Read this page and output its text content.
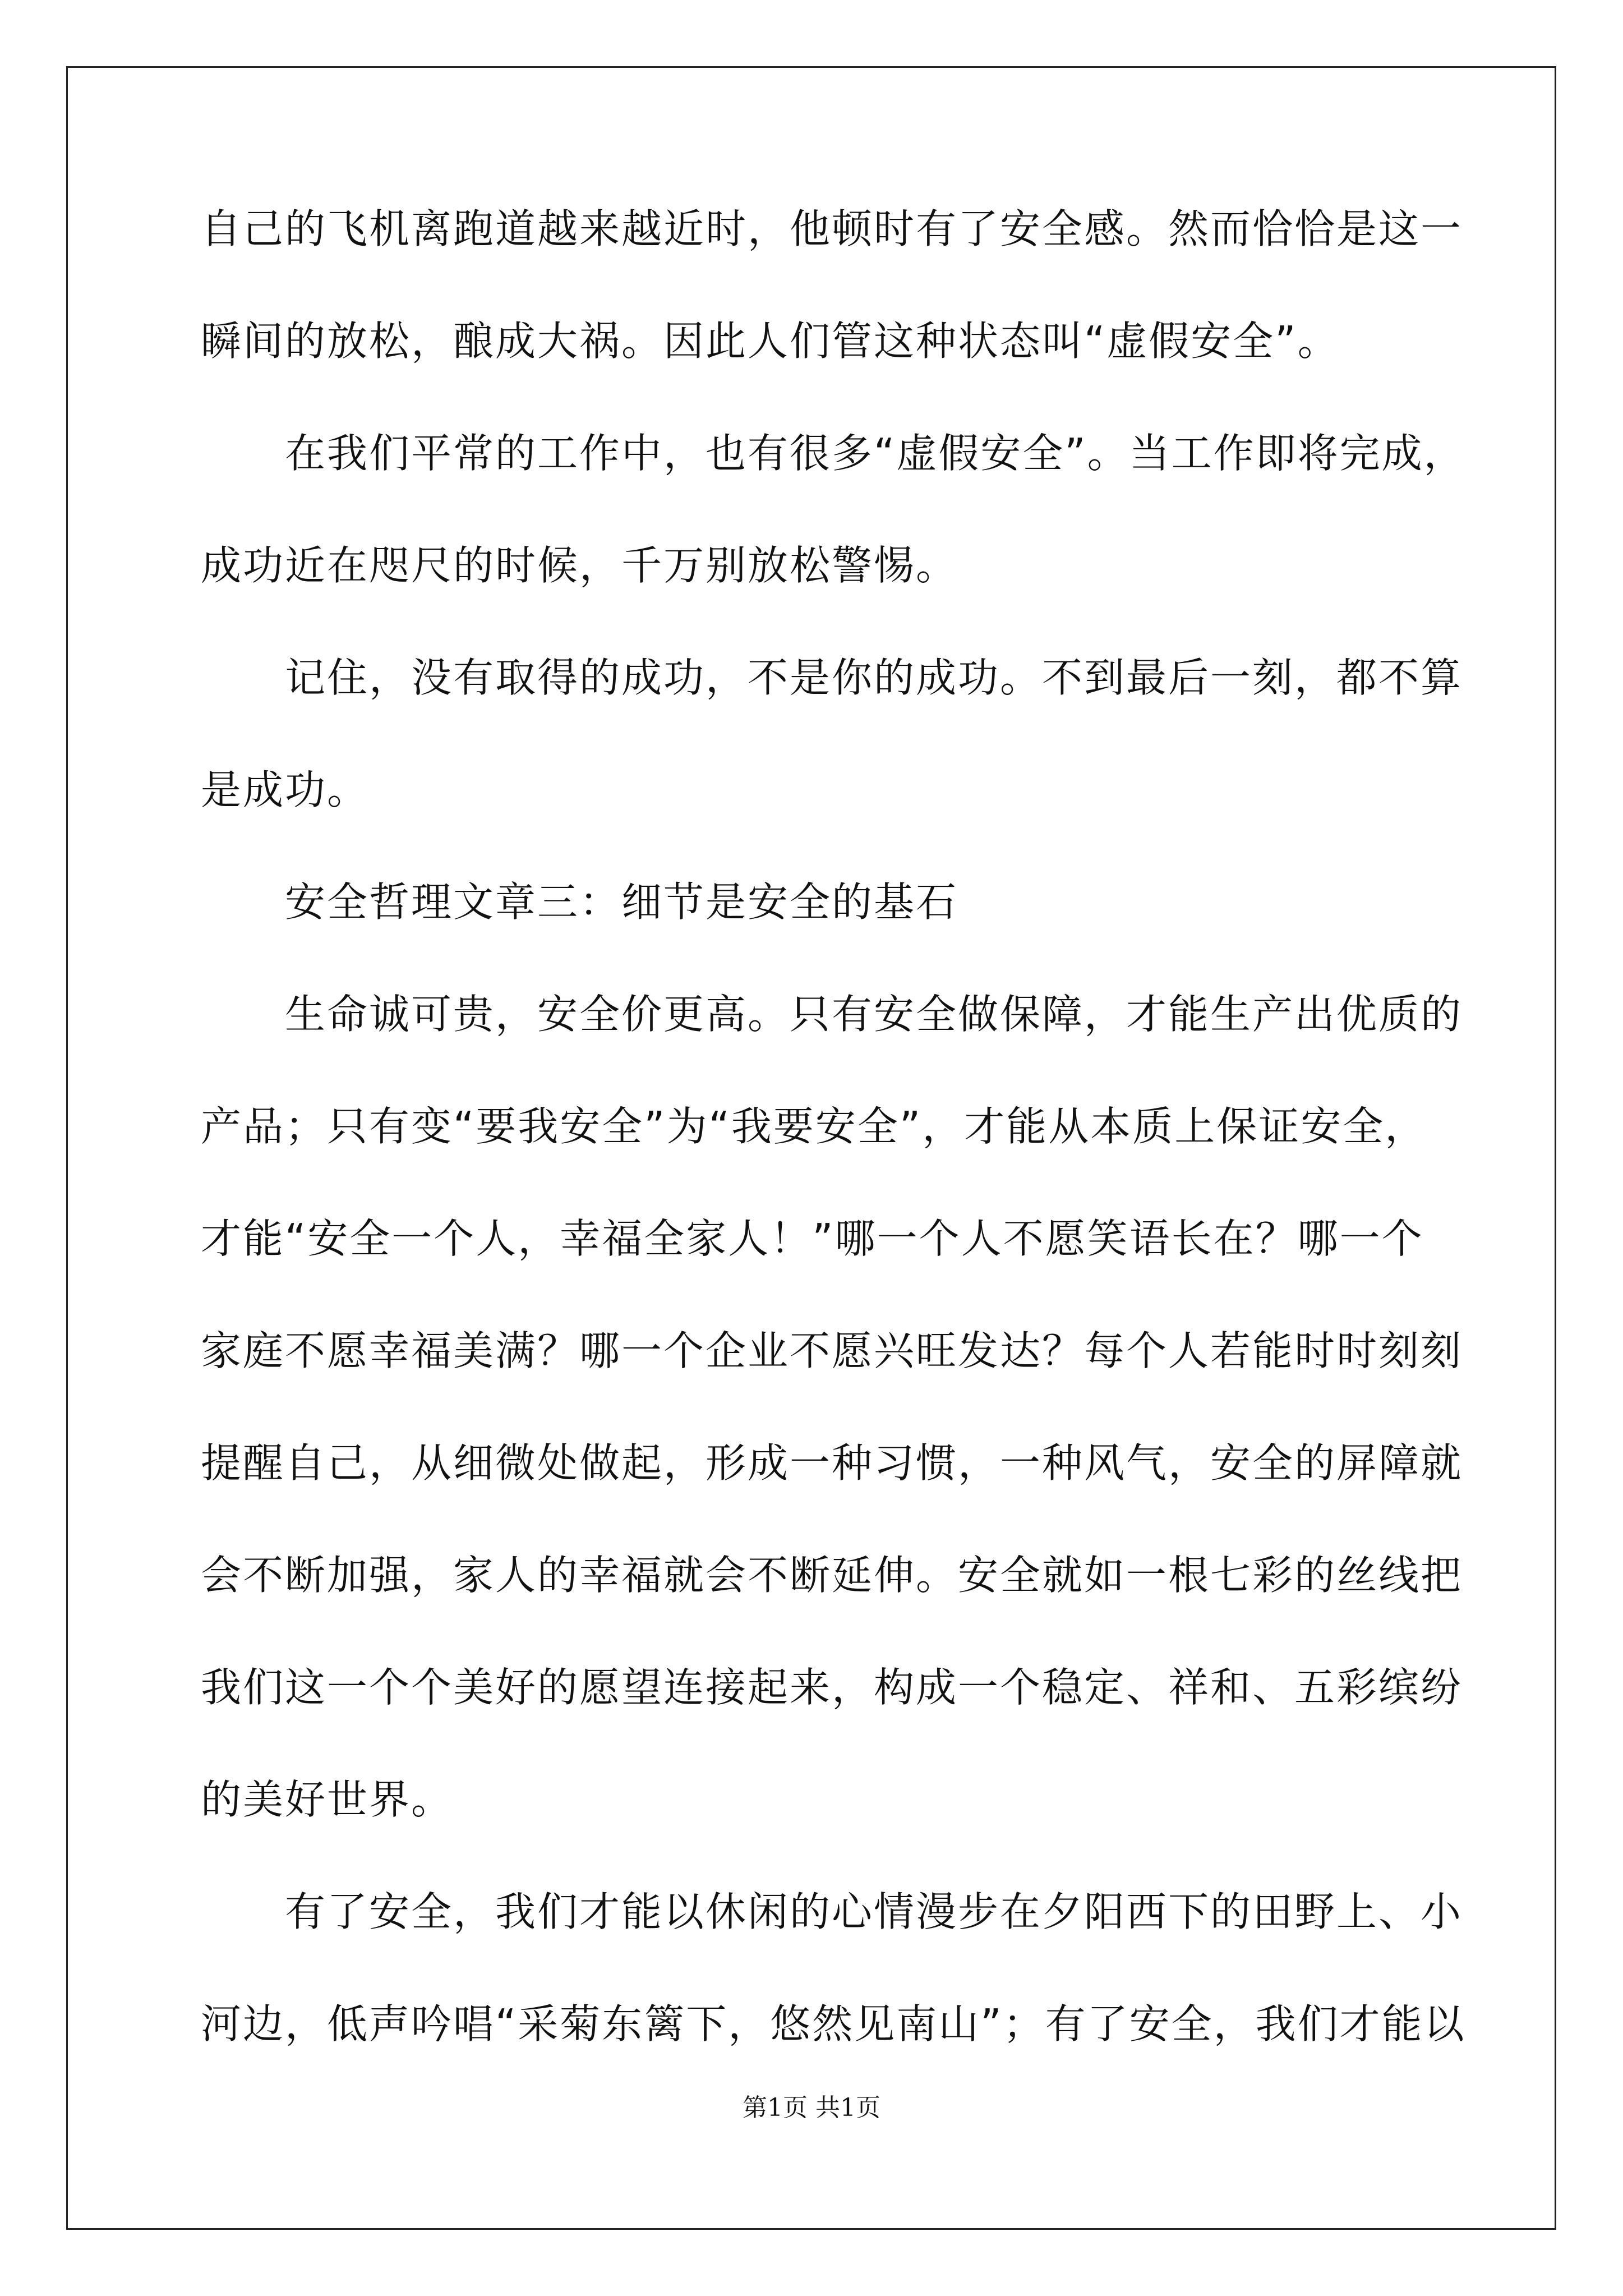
自己的飞机离跑道越来越近时，他顿时有了安全感。然而恰恰是这一
瞬间的放松，酿成大祸。因此人们管这种状态叫“虚假安全”。
在我们平常的工作中，也有很多“虚假安全”。当工作即将完成，
成功近在咫尺的时候，千万别放松警惕。
记住，没有取得的成功，不是你的成功。不到最后一刻，都不算
是成功。
安全哲理文章三：细节是安全的基石
生命诚可贵，安全价更高。只有安全做保障，才能生产出优质的
产品；只有变“要我安全”为“我要安全”，才能从本质上保证安全，
才能“安全一个人，幸福全家人！”哪一个人不愿笑语长在？哪一个
家庭不愿幸福美满？哪一个企业不愿兴旺发达？每个人若能时时刻刻
提醒自己，从细微处做起，形成一种习惯，一种风气，安全的屏障就
会不断加强，家人的幸福就会不断延伸。安全就如一根七彩的丝线把
我们这一个个美好的愿望连接起来，构成一个稳定、祥和、五彩缤纷
的美好世界。
有了安全，我们才能以休闲的心情漫步在夕阳西下的田野上、小
河边，低声吟唱“采菊东篱下，悠然见南山”；有了安全，我们才能以
第1页 共1页
